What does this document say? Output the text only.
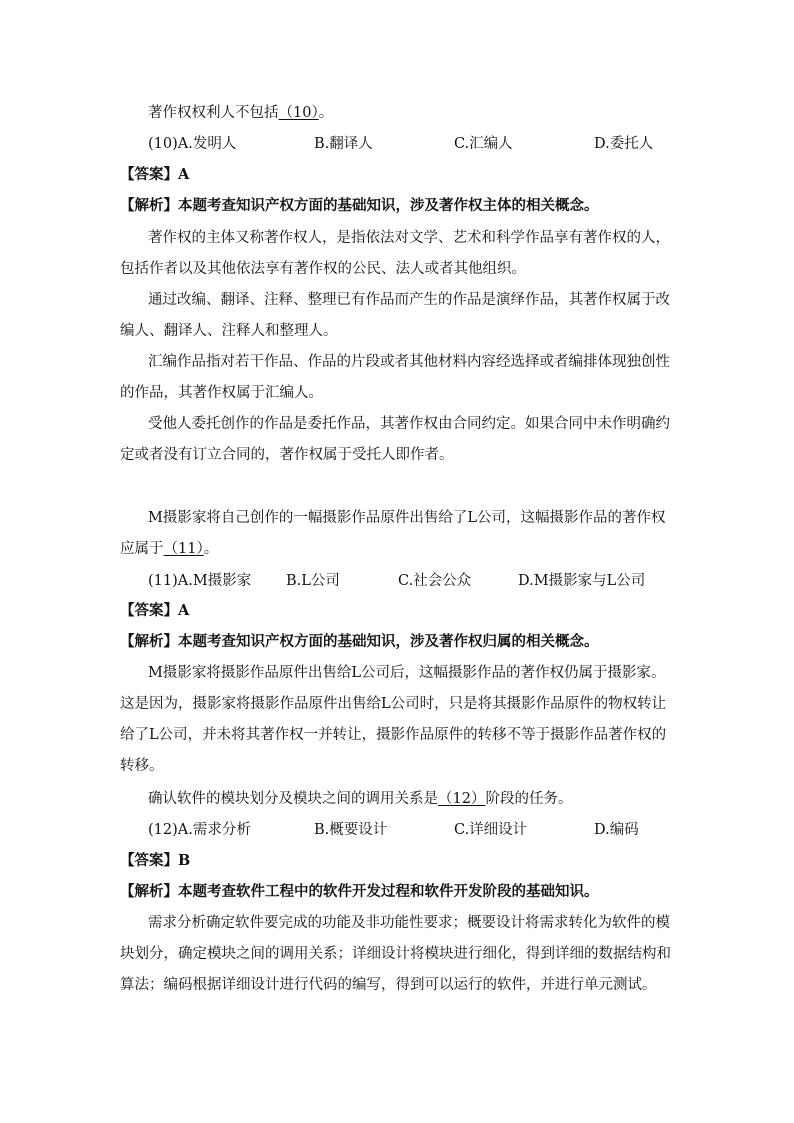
著作权权利人不包括（10）。

(10)A.发明人	B.翻译人	C.汇编人	D.委托人

【答案】A

【解析】本题考查知识产权方面的基础知识，涉及著作权主体的相关概念。

著作权的主体又称著作权人，是指依法对文学、艺术和科学作品享有著作权的人，包括作者以及其他依法享有著作权的公民、法人或者其他组织。

通过改编、翻译、注释、整理已有作品而产生的作品是演绎作品，其著作权属于改编人、翻译人、注释人和整理人。

汇编作品指对若干作品、作品的片段或者其他材料内容经选择或者编排体现独创性的作品，其著作权属于汇编人。

受他人委托创作的作品是委托作品，其著作权由合同约定。如果合同中未作明确约定或者没有订立合同的，著作权属于受托人即作者。

M摄影家将自己创作的一幅摄影作品原件出售给了L公司，这幅摄影作品的著作权应属于（11）。

(11)A.M摄影家 B.L公司	C.社会公众	D.M摄影家与L公司

【答案】A

【解析】本题考查知识产权方面的基础知识，涉及著作权归属的相关概念。

M摄影家将摄影作品原件出售给L公司后，这幅摄影作品的著作权仍属于摄影家。这是因为，摄影家将摄影作品原件出售给L公司时，只是将其摄影作品原件的物权转让给了L公司，并未将其著作权一并转让，摄影作品原件的转移不等于摄影作品著作权的转移。

确认软件的模块划分及模块之间的调用关系是（12）阶段的任务。

(12)A.需求分析	B.概要设计	C.详细设计	D.编码

【答案】B

【解析】本题考查软件工程中的软件开发过程和软件开发阶段的基础知识。

需求分析确定软件要完成的功能及非功能性要求；概要设计将需求转化为软件的模块划分，确定模块之间的调用关系；详细设计将模块进行细化，得到详细的数据结构和算法；编码根据详细设计进行代码的编写，得到可以运行的软件，并进行单元测试。
